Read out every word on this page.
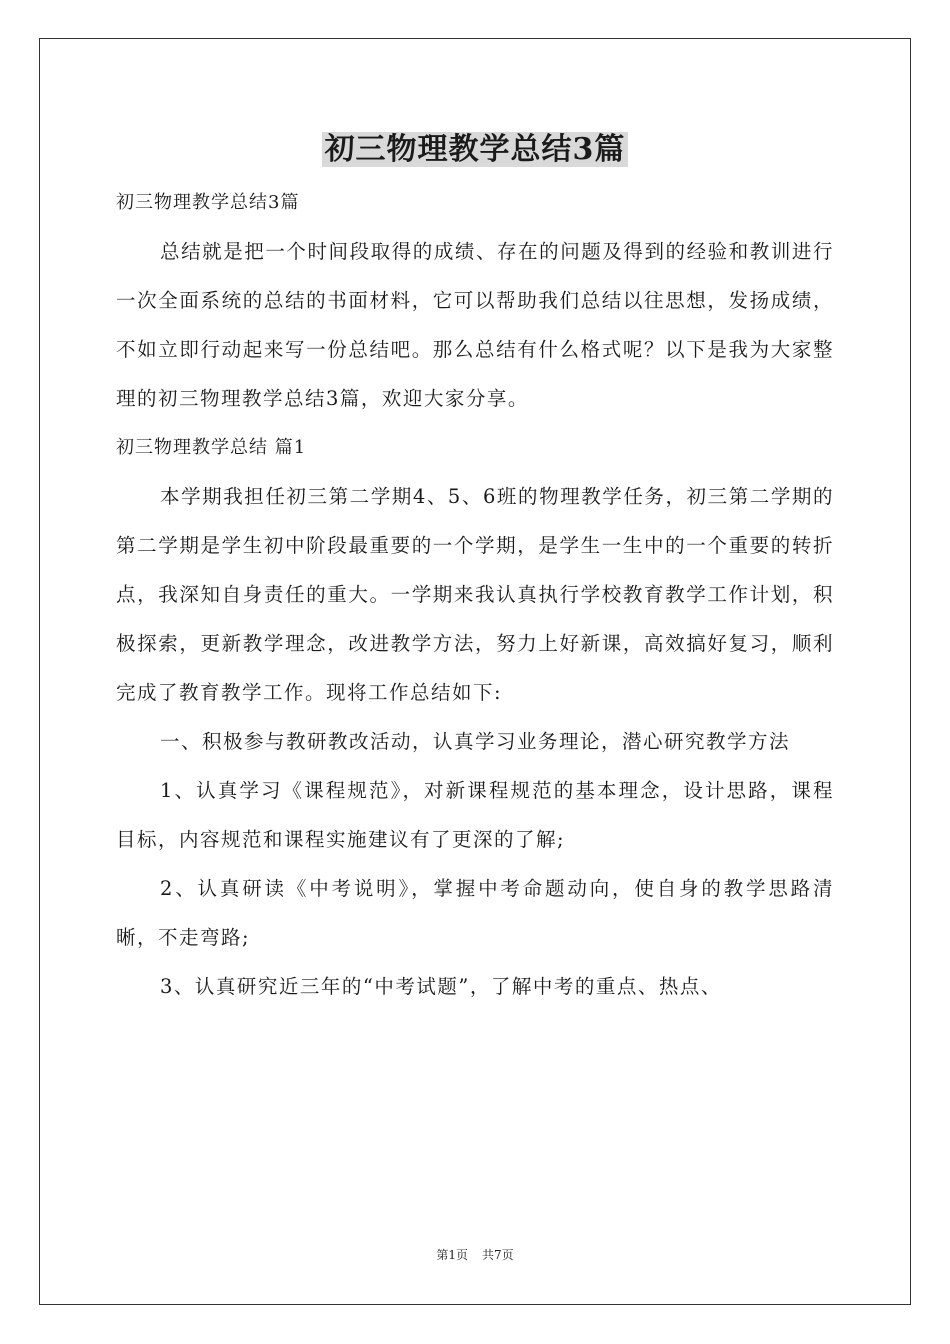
初三物理教学总结3篇

初三物理教学总结3篇

总结就是把一个时间段取得的成绩、存在的问题及得到的经验和教训进行一次全面系统的总结的书面材料，它可以帮助我们总结以往思想，发扬成绩，不如立即行动起来写一份总结吧。那么总结有什么格式呢？以下是我为大家整理的初三物理教学总结3篇，欢迎大家分享。

初三物理教学总结 篇1

本学期我担任初三第二学期4、5、6班的物理教学任务，初三第二学期的第二学期是学生初中阶段最重要的一个学期，是学生一生中的一个重要的转折点，我深知自身责任的重大。一学期来我认真执行学校教育教学工作计划，积极探索，更新教学理念，改进教学方法，努力上好新课，高效搞好复习，顺利完成了教育教学工作。现将工作总结如下:

一、积极参与教研教改活动，认真学习业务理论，潜心研究教学方法

1、认真学习《课程规范》，对新课程规范的基本理念，设计思路，课程目标，内容规范和课程实施建议有了更深的了解;

2、认真研读《中考说明》，掌握中考命题动向，使自身的教学思路清晰，不走弯路;

3、认真研究近三年的“中考试题”，了解中考的重点、热点、

第1页 共7页
